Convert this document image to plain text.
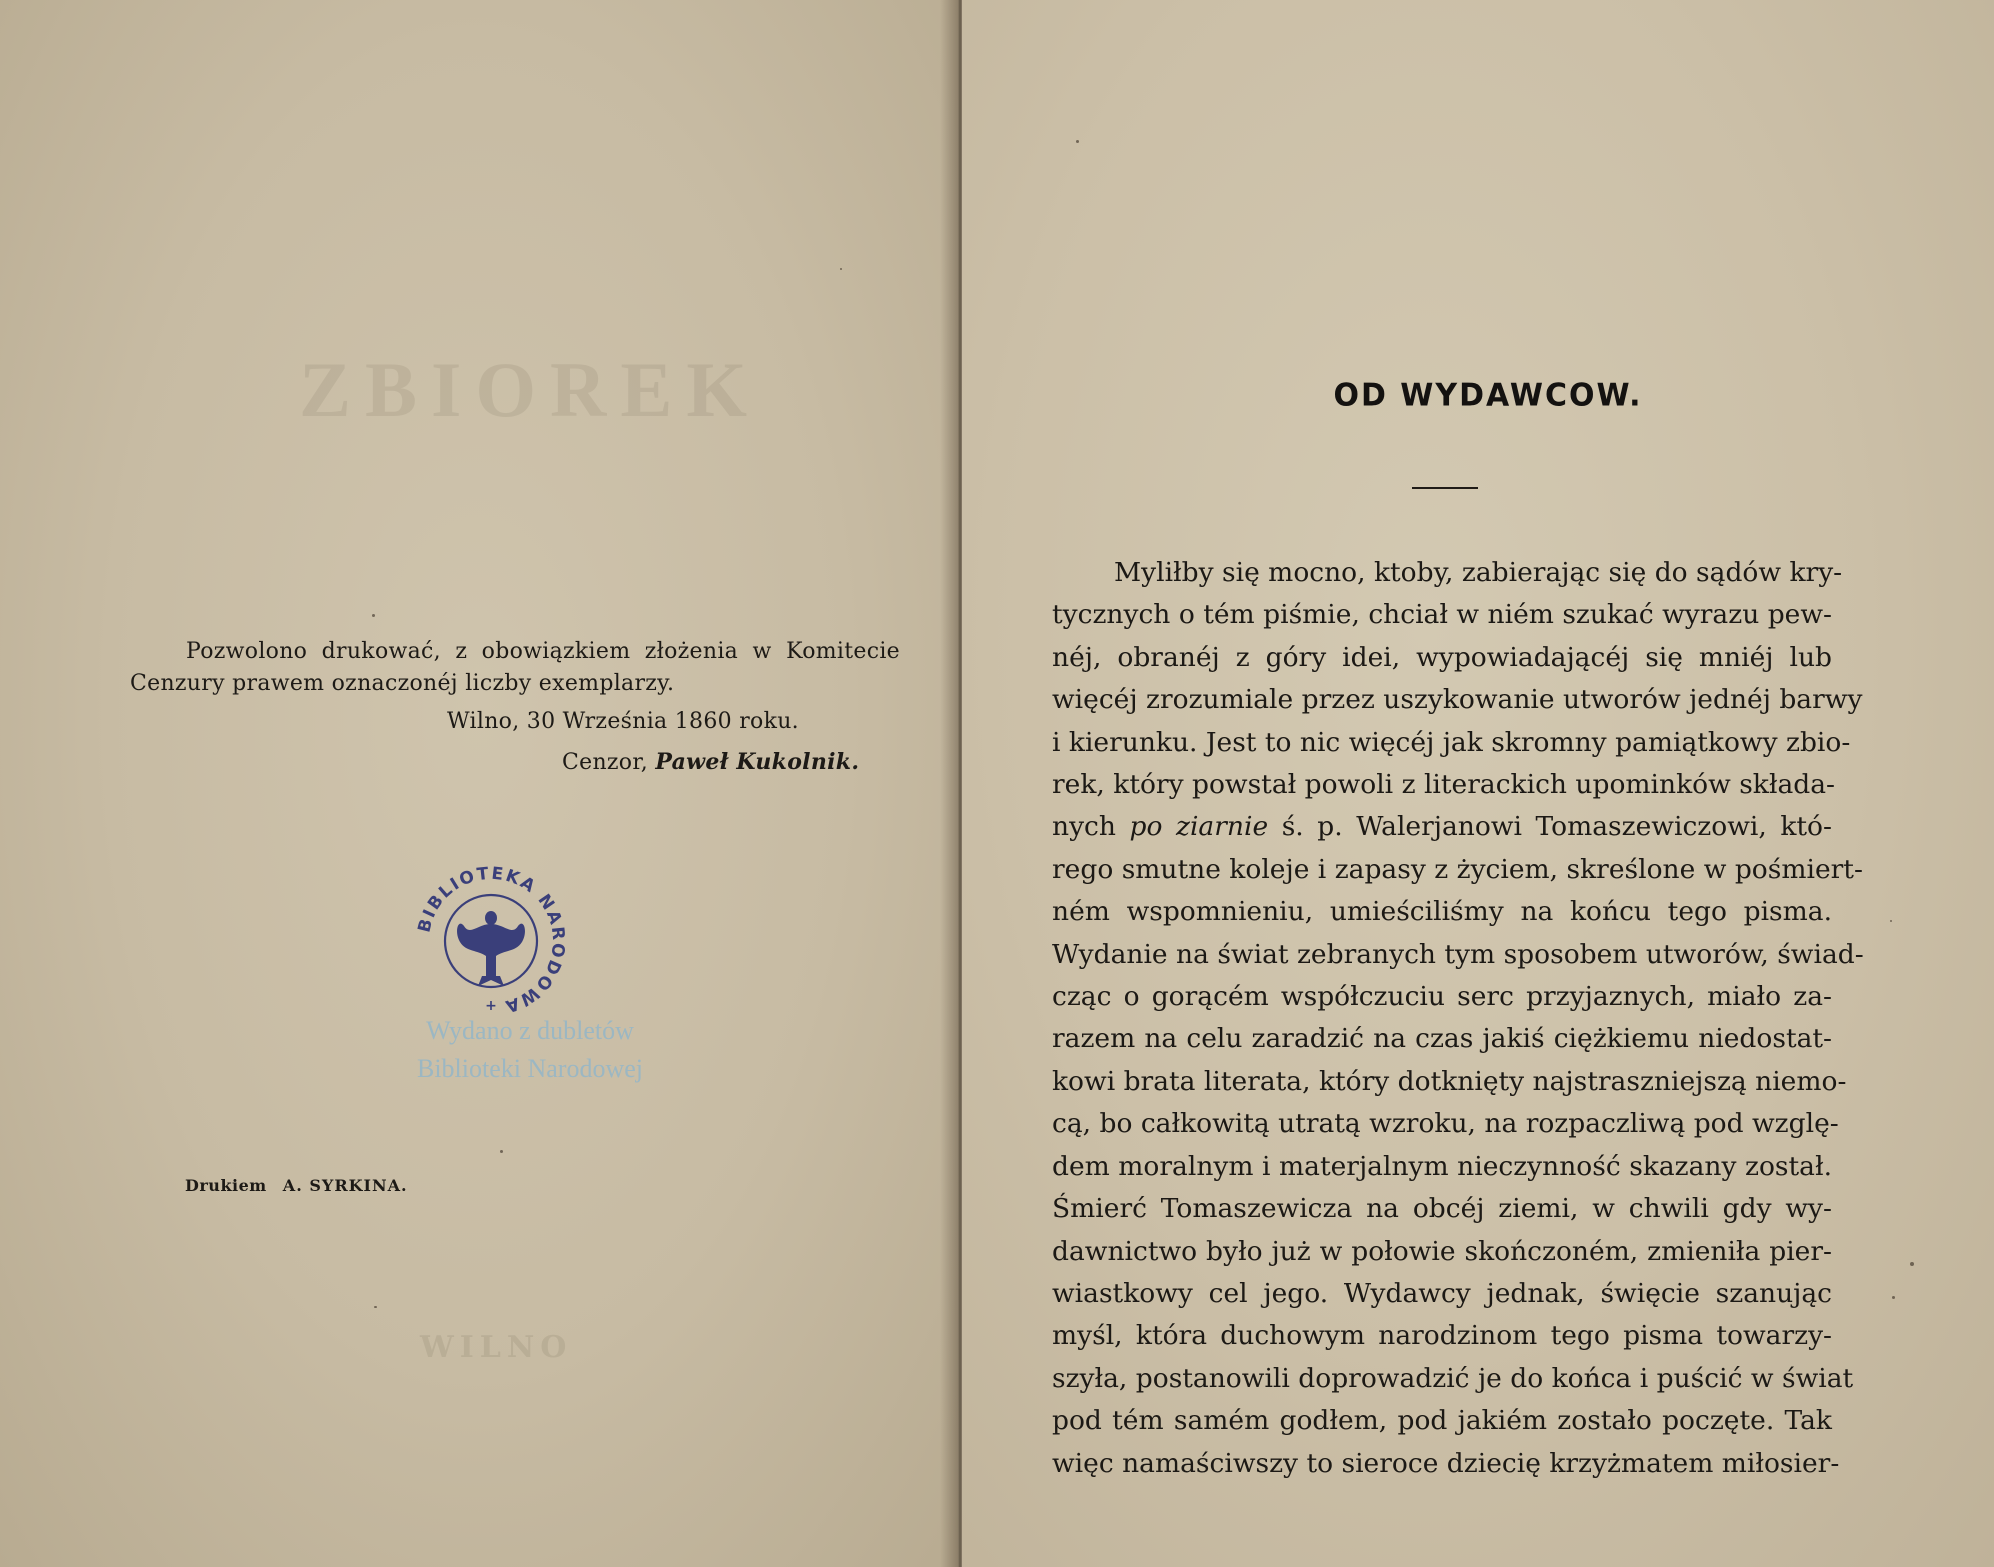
ZBIOREK

Pozwolono drukować, z obowiązkiem złożenia w Komitecie

Cenzury prawem oznaczonéj liczby exemplarzy.

Wilno, 30 Września 1860 roku.

Cenzor, Paweł Kukolnik.

BIBLIOTEKA NARODOWA
+

Wydano z dubletów

Biblioteki Narodowej

Drukiem A. SYRKINA.
WILNO
OD WYDAWCOW.
Myliłby się mocno, ktoby, zabierając się do sądów kry-
tycznych o tém piśmie, chciał w niém szukać wyrazu pew-
néj, obranéj z góry idei, wypowiadającéj się mniéj lub
więcéj zrozumiale przez uszykowanie utworów jednéj barwy
i kierunku. Jest to nic więcéj jak skromny pamiątkowy zbio-
rek, który powstał powoli z literackich upominków składa-
nych po ziarnie ś. p. Walerjanowi Tomaszewiczowi, któ-
rego smutne koleje i zapasy z życiem, skreślone w pośmiert-
ném wspomnieniu, umieściliśmy na końcu tego pisma.
Wydanie na świat zebranych tym sposobem utworów, świad-
cząc o gorącém współczuciu serc przyjaznych, miało za-
razem na celu zaradzić na czas jakiś ciężkiemu niedostat-
kowi brata literata, który dotknięty najstraszniejszą niemo-
cą, bo całkowitą utratą wzroku, na rozpaczliwą pod wzglę-
dem moralnym i materjalnym nieczynność skazany został.
Śmierć Tomaszewicza na obcéj ziemi, w chwili gdy wy-
dawnictwo było już w połowie skończoném, zmieniła pier-
wiastkowy cel jego. Wydawcy jednak, święcie szanując
myśl, która duchowym narodzinom tego pisma towarzy-
szyła, postanowili doprowadzić je do końca i puścić w świat
pod tém samém godłem, pod jakiém zostało poczęte. Tak
więc namaściwszy to sieroce dziecię krzyżmatem miłosier-
